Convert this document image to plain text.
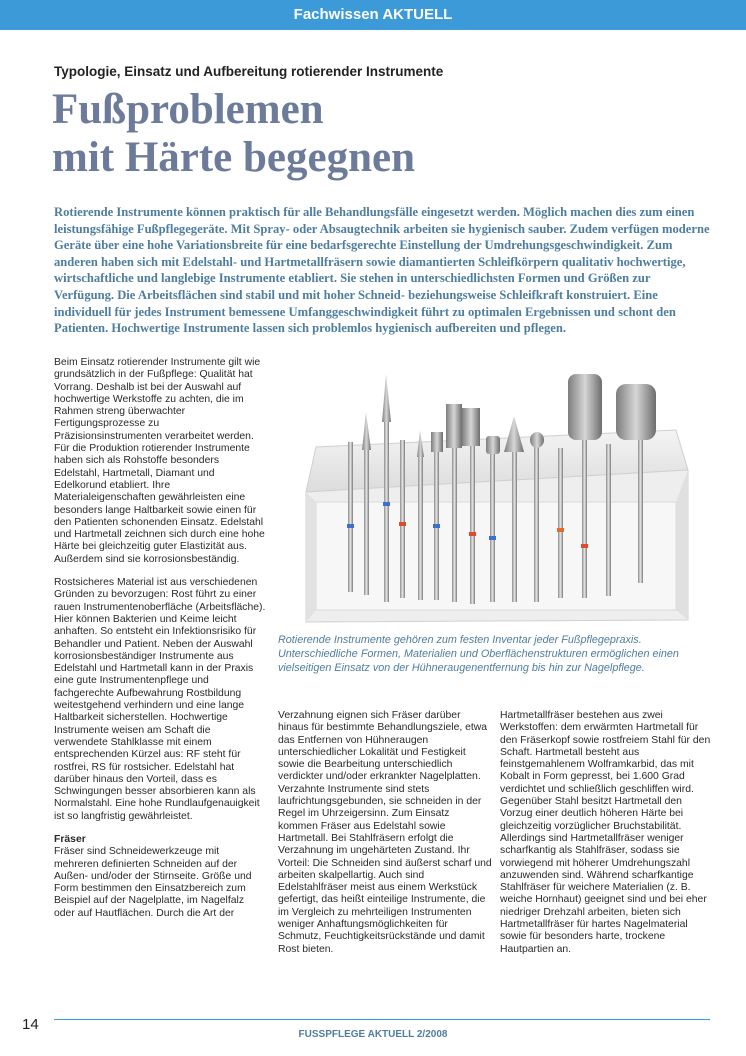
Fachwissen AKTUELL
Typologie, Einsatz und Aufbereitung rotierender Instrumente
Fußproblemen
mit Härte begegnen

Rotierende Instrumente können praktisch für alle Behandlungsfälle eingesetzt werden. Möglich machen dies zum einen leistungsfähige Fußpflegegeräte. Mit Spray- oder Absaugtechnik arbeiten sie hygienisch sauber. Zudem verfügen moderne Geräte über eine hohe Variationsbreite für eine bedarfsgerechte Einstellung der Umdrehungsgeschwindigkeit. Zum anderen haben sich mit Edelstahl- und Hartmetallfräsern sowie diamantierten Schleifkörpern qualitativ hochwertige, wirtschaftliche und langlebige Instrumente etabliert. Sie stehen in unterschiedlichsten Formen und Größen zur Verfügung. Die Arbeitsflächen sind stabil und mit hoher Schneid- beziehungsweise Schleifkraft konstruiert. Eine individuell für jedes Instrument bemessene Umfanggeschwindigkeit führt zu optimalen Ergebnissen und schont den Patienten. Hochwertige Instrumente lassen sich problemlos hygienisch aufbereiten und pflegen.

Beim Einsatz rotierender Instrumente gilt wie grundsätzlich in der Fußpflege: Qualität hat Vorrang. Deshalb ist bei der Auswahl auf hochwertige Werkstoffe zu achten, die im Rahmen streng überwachter Fertigungsprozesse zu Präzisionsinstrumenten verarbeitet werden. Für die Produktion rotierender Instrumente haben sich als Rohstoffe besonders Edelstahl, Hartmetall, Diamant und Edelkorund etabliert. Ihre Materialeigenschaften gewährleisten eine besonders lange Haltbarkeit sowie einen für den Patienten schonenden Einsatz. Edelstahl und Hartmetall zeichnen sich durch eine hohe Härte bei gleichzeitig guter Elastizität aus. Außerdem sind sie korrosionsbeständig.

Rostsicheres Material ist aus verschiedenen Gründen zu bevorzugen: Rost führt zu einer rauen Instrumentenoberfläche (Arbeitsfläche). Hier können Bakterien und Keime leicht anhaften. So entsteht ein Infektionsrisiko für Behandler und Patient. Neben der Auswahl korrosionsbeständiger Instrumente aus Edelstahl und Hartmetall kann in der Praxis eine gute Instrumentenpflege und fachgerechte Aufbewahrung Rostbildung weitestgehend verhindern und eine lange Haltbarkeit sicherstellen. Hochwertige Instrumente weisen am Schaft die verwendete Stahlklasse mit einem entsprechenden Kürzel aus: RF steht für rostfrei, RS für rostsicher. Edelstahl hat darüber hinaus den Vorteil, dass es Schwingungen besser absorbieren kann als Normalstahl. Eine hohe Rundlaufgenauigkeit ist so langfristig gewährleistet.

Fräser

Fräser sind Schneidewerkzeuge mit mehreren definierten Schneiden auf der Außen- und/oder der Stirnseite. Größe und Form bestimmen den Einsatzbereich zum Beispiel auf der Nagelplatte, im Nagelfalz oder auf Hautflächen. Durch die Art der

Rotierende Instrumente gehören zum festen Inventar jeder Fußpflegepraxis. Unterschiedliche Formen, Materialien und Oberflächenstrukturen ermöglichen einen vielseitigen Einsatz von der Hühneraugenentfernung bis hin zur Nagelpflege.

Verzahnung eignen sich Fräser darüber hinaus für bestimmte Behandlungsziele, etwa das Entfernen von Hühneraugen unterschiedlicher Lokalität und Festigkeit sowie die Bearbeitung unterschiedlich verdickter und/oder erkrankter Nagelplatten. Verzahnte Instrumente sind stets laufrichtungsgebunden, sie schneiden in der Regel im Uhrzeigersinn. Zum Einsatz kommen Fräser aus Edelstahl sowie Hartmetall. Bei Stahlfräsern erfolgt die Verzahnung im ungehärteten Zustand. Ihr Vorteil: Die Schneiden sind äußerst scharf und arbeiten skalpellartig. Auch sind Edelstahlfräser meist aus einem Werkstück gefertigt, das heißt einteilige Instrumente, die im Vergleich zu mehrteiligen Instrumenten weniger Anhaftungsmöglichkeiten für Schmutz, Feuchtigkeitsrückstände und damit Rost bieten.

Hartmetallfräser bestehen aus zwei Werkstoffen: dem erwärmten Hartmetall für den Fräserkopf sowie rostfreiem Stahl für den Schaft. Hartmetall besteht aus feinstgemahlenem Wolframkarbid, das mit Kobalt in Form gepresst, bei 1.600 Grad verdichtet und schließlich geschliffen wird. Gegenüber Stahl besitzt Hartmetall den Vorzug einer deutlich höheren Härte bei gleichzeitig vorzüglicher Bruchstabilität. Allerdings sind Hartmetallfräser weniger scharfkantig als Stahlfräser, sodass sie vorwiegend mit höherer Umdrehungszahl anzuwenden sind. Während scharfkantige Stahlfräser für weichere Materialien (z. B. weiche Hornhaut) geeignet sind und bei eher niedriger Drehzahl arbeiten, bieten sich Hartmetallfräser für hartes Nagelmaterial sowie für besonders harte, trockene Hautpartien an.

14
FUSSPFLEGE AKTUELL 2/2008
